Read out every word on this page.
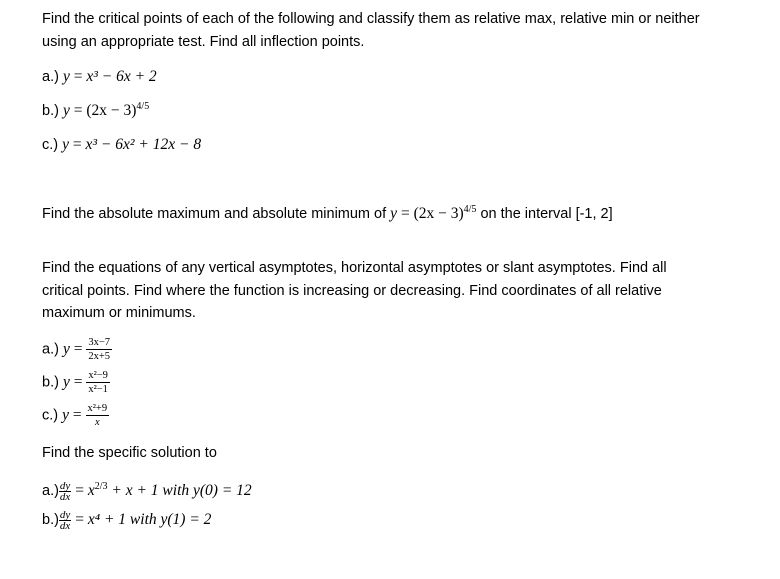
Find the critical points of each of the following and classify them as relative max, relative min or neither
using an appropriate test. Find all inflection points.
a.) y = x³ − 6x + 2
b.) $y = (2x - 3)^{4/5}$
c.) y = x³ − 6x² + 12x − 8
Find the absolute maximum and absolute minimum of $y = (2x - 3)^{4/5}$ on the interval [-1, 2]
Find the equations of any vertical asymptotes, horizontal asymptotes or slant asymptotes. Find all
critical points. Find where the function is increasing or decreasing. Find coordinates of all relative
maximum or minimums.
a.) $y = \frac{3x-7}{2x+5}$
b.) $y = \frac{\text{x²−9}}{\text{x²−1}}$
c.) $y = \frac{\text{x²+9}}{x}$
Find the specific solution to
$a.) \frac{dy}{dx} = x^{2/3} + x + 1$ with y(0) = 12
$b.) \frac{dy}{dx} = x^4 + 1$ with y(1) = 2
